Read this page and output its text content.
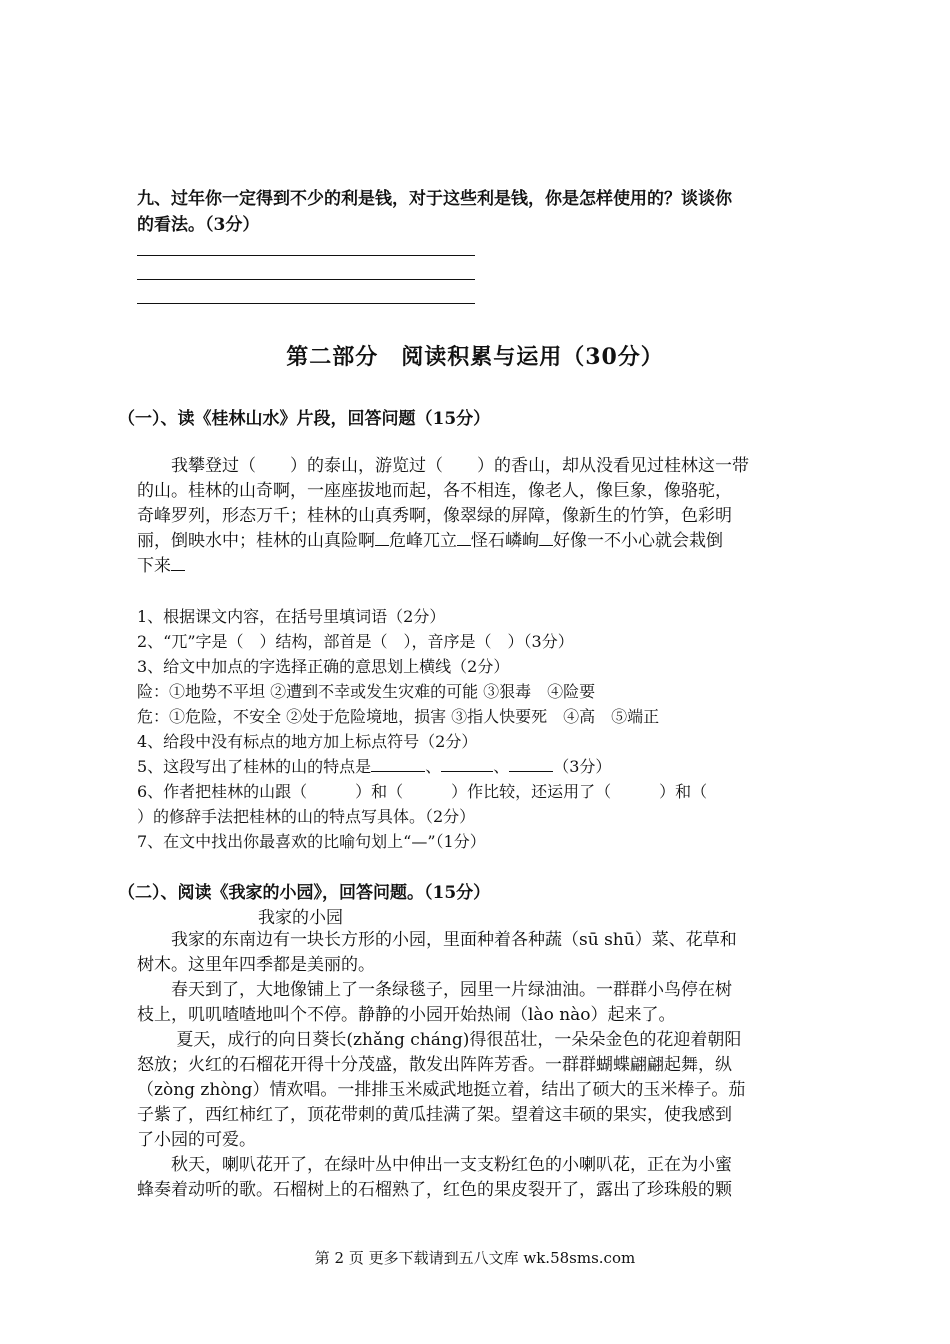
九、过年你一定得到不少的利是钱，对于这些利是钱，你是怎样使用的？谈谈你
的看法。（3分）
第二部分　阅读积累与运用（30分）
（一）、读《桂林山水》片段，回答问题（15分）
　　我攀登过（　　）的泰山，游览过（　　）的香山，却从没看见过桂林这一带
的山。桂林的山奇啊，一座座拔地而起，各不相连，像老人，像巨象，像骆驼，
奇峰罗列，形态万千；桂林的山真秀啊，像翠绿的屏障，像新生的竹笋，色彩明
丽，倒映水中；桂林的山真险啊 危峰兀立 怪石嶙峋 好像一不小心就会栽倒
下来
1、根据课文内容，在括号里填词语（2分）
2、“兀”字是（　）结构，部首是（　），音序是（　）（3分）
3、给文中加点的字选择正确的意思划上横线（2分）
险：①地势不平坦 ②遭到不幸或发生灾难的可能 ③狠毒　④险要
危：①危险，不安全 ②处于危险境地，损害 ③指人快要死　④高　⑤端正
4、给段中没有标点的地方加上标点符号（2分）
5、这段写出了桂林的山的特点是	、	、	（3分）
6、作者把桂林的山跟（　　　）和（　　　）作比较，还运用了（　　　）和（　
）的修辞手法把桂林的山的特点写具体。（2分）
7、在文中找出你最喜欢的比喻句划上“—”（1分）
（二）、阅读《我家的小园》，回答问题。（15分）
我家的小园
　　我家的东南边有一块长方形的小园，里面种着各种蔬（sū shū）菜、花草和
树木。这里年四季都是美丽的。
　　春天到了，大地像铺上了一条绿毯子，园里一片绿油油。一群群小鸟停在树
枝上，叽叽喳喳地叫个不停。静静的小园开始热闹（lào nào）起来了。
　　 夏天，成行的向日葵长(zhǎng cháng)得很茁壮，一朵朵金色的花迎着朝阳
怒放；火红的石榴花开得十分茂盛，散发出阵阵芳香。一群群蝴蝶翩翩起舞，纵
（zòng zhòng）情欢唱。一排排玉米威武地挺立着，结出了硕大的玉米棒子。茄
子紫了，西红柿红了，顶花带刺的黄瓜挂满了架。望着这丰硕的果实，使我感到
了小园的可爱。
　　秋天，喇叭花开了，在绿叶丛中伸出一支支粉红色的小喇叭花，正在为小蜜
蜂奏着动听的歌。石榴树上的石榴熟了，红色的果皮裂开了，露出了珍珠般的颗
第 2 页 更多下载请到五八文库 wk.58sms.com
